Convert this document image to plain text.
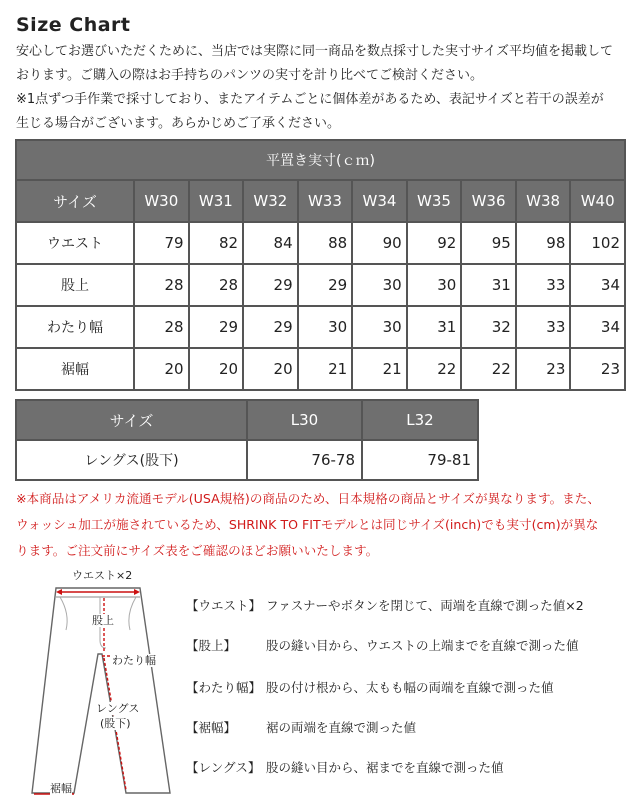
Size Chart

安心してお選びいただくために、当店では実際に同一商品を数点採寸した実寸サイズ平均値を掲載して

おります。ご購入の際はお手持ちのパンツの実寸を計り比べてご検討ください。

※1点ずつ手作業で採寸しており、またアイテムごとに個体差があるため、表記サイズと若干の誤差が

生じる場合がございます。あらかじめご了承ください。

平置き実寸(ｃｍ)									
サイズ	W30	W31	W32	W33	W34	W35	W36	W38	W40
ウエスト	79	82	84	88	90	92	95	98	102
股上	28	28	29	29	30	30	31	33	34
わたり幅	28	29	29	30	30	31	32	33	34
裾幅	20	20	20	21	21	22	22	23	23
サイズ	L30	L32
レングス(股下)	76-78	79-81

※本商品はアメリカ流通モデル(USA規格)の商品のため、日本規格の商品とサイズが異なります。また、

ウォッシュ加工が施されているため、SHRINK TO FITモデルとは同じサイズ(inch)でも実寸(cm)が異な

ります。ご注文前にサイズ表をご確認のほどお願いいたします。

ウエスト×2
股上
わたり幅
レングス
(股下)
裾幅
【ウエスト】 ファスナーやボタンを閉じて、両端を直線で測った値×2
【股上】 股の縫い目から、ウエストの上端までを直線で測った値
【わたり幅】 股の付け根から、太もも幅の両端を直線で測った値
【裾幅】 裾の両端を直線で測った値
【レングス】 股の縫い目から、裾までを直線で測った値
